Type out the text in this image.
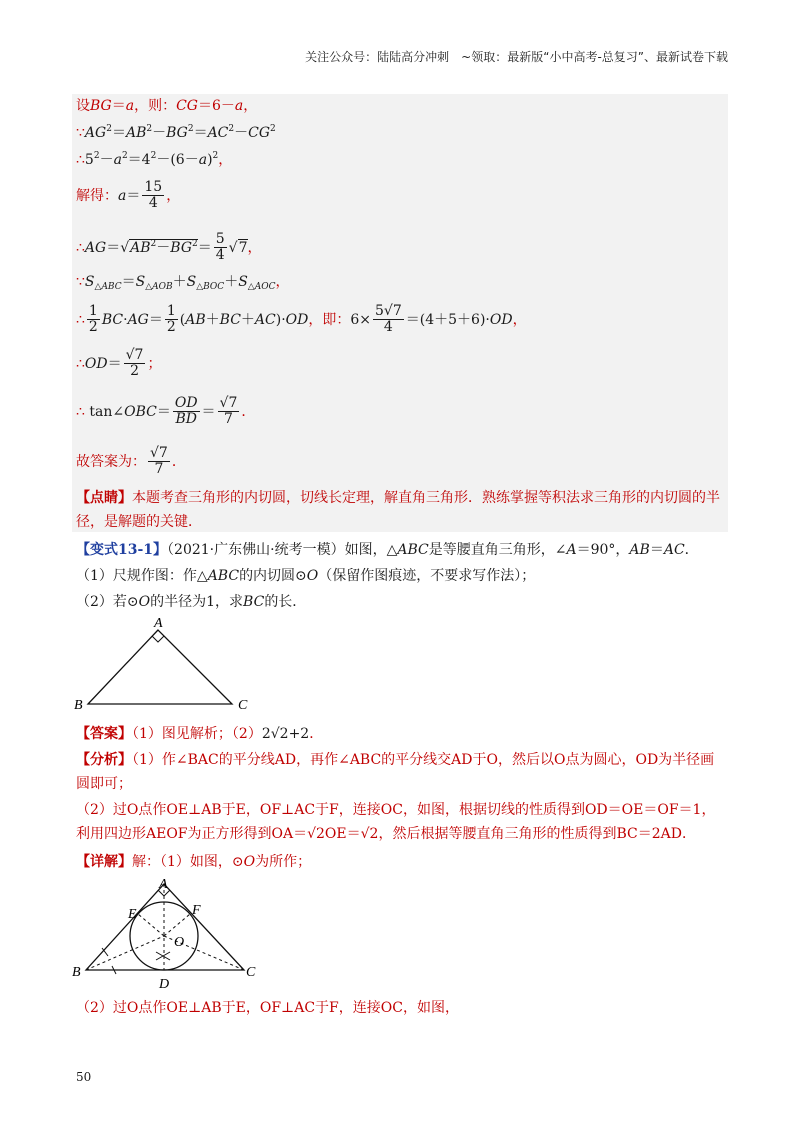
关注公众号：陆陆高分冲刺　~领取：最新版“小中高考-总复习”、最新试卷下载
设BG＝a，则：CG＝6－a，
$\because AG^2=AB^2-BG^2=AC^2-CG^2$
$\therefore 5^2-a^2=4^2-(6-a)^2$，
解得：$a= \frac{15}{4}$ ，
$\therefore AG=√AB^2-BG^2= \frac{5}{4} √7$，
$\because S_{\triangle ABC}=S_{\triangle AOB}+S_{\triangle BOC}+S_{\triangle AOC}$，
∴ $\frac{1}{2} BC\cdot AG= \frac{1}{2} (AB+BC+AC)\cdot OD$，即：$6\times \frac{5√7}{4} =(4+5+6)\cdot OD$，
∴OD＝ $\frac{√7}{2}$ ；
∴ tan∠OBC＝ $\frac{OD}{BD} = \frac{√7}{7}$ ．
故答案为： $\frac{√7}{7}$ ．
【点睛】本题考查三角形的内切圆，切线长定理，解直角三角形．熟练掌握等积法求三角形的内切圆的半径，是解题的关键．
【变式13-1】（2021·广东佛山·统考一模）如图，△ABC是等腰直角三角形，∠A＝90°，AB＝AC．
（1）尺规作图：作△ABC的内切圆⊙O（保留作图痕迹，不要求写作法）；
（2）若⊙O的半径为1，求BC的长．
A
B	C
【答案】（1）图见解析；（2）2√2+2．
【分析】（1）作∠BAC的平分线AD，再作∠ABC的平分线交AD于O，然后以O点为圆心，OD为半径画圆即可；
（2）过O点作OE⊥AB于E，OF⊥AC于F，连接OC，如图，根据切线的性质得到OD＝OE＝OF＝1，利用四边形AEOF为正方形得到OA＝√2OE＝√2，然后根据等腰直角三角形的性质得到BC＝2AD．
【详解】解：（1）如图，⊙O为所作；
A
B	C
D
E	F
O
（2）过O点作OE⊥AB于E，OF⊥AC于F，连接OC，如图，
50
